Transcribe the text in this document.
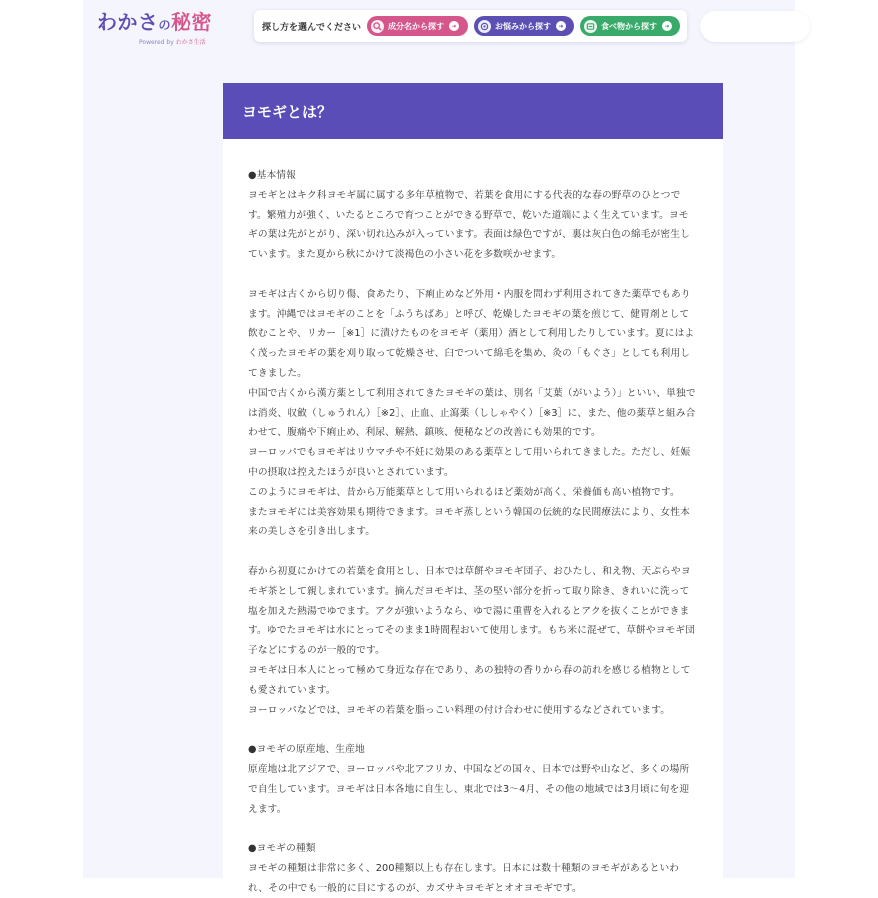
わかさの秘密
Powered by わかさ生活
探し方を選んでください	成分名から探す	➜	お悩みから探す	➜	食べ物から探す	➜
ヨモギとは？

●基本情報

ヨモギとはキク科ヨモギ属に属する多年草植物で、若葉を食用にする代表的な春の野草のひとつです。繁殖力が強く、いたるところで育つことができる野草で、乾いた道端によく生えています。ヨモギの葉は先がとがり、深い切れ込みが入っています。表面は緑色ですが、裏は灰白色の綿毛が密生しています。また夏から秋にかけて淡褐色の小さい花を多数咲かせます。

ヨモギは古くから切り傷、食あたり、下痢止めなど外用・内服を問わず利用されてきた薬草でもあります。沖縄ではヨモギのことを「ふうちばあ」と呼び、乾燥したヨモギの葉を煎じて、健胃剤として飲むことや、リカー［※1］に漬けたものをヨモギ（薬用）酒として利用したりしています。夏にはよく茂ったヨモギの葉を刈り取って乾燥させ、臼でついて綿毛を集め、灸の「もぐさ」としても利用してきました。

中国で古くから漢方薬として利用されてきたヨモギの葉は、別名「艾葉（がいよう）」といい、単独では消炎、収斂（しゅうれん）［※2］、止血、止瀉薬（ししゃやく）［※3］に、また、他の薬草と組み合わせて、腹痛や下痢止め、利尿、解熱、鎮咳、便秘などの改善にも効果的です。

ヨーロッパでもヨモギはリウマチや不妊に効果のある薬草として用いられてきました。ただし、妊娠中の摂取は控えたほうが良いとされています。

このようにヨモギは、昔から万能薬草として用いられるほど薬効が高く、栄養価も高い植物です。

またヨモギには美容効果も期待できます。ヨモギ蒸しという韓国の伝統的な民間療法により、女性本来の美しさを引き出します。

春から初夏にかけての若葉を食用とし、日本では草餅やヨモギ団子、おひたし、和え物、天ぷらやヨモギ茶として親しまれています。摘んだヨモギは、茎の堅い部分を折って取り除き、きれいに洗って塩を加えた熱湯でゆでます。アクが強いようなら、ゆで湯に重曹を入れるとアクを抜くことができます。ゆでたヨモギは水にとってそのまま1時間程おいて使用します。もち米に混ぜて、草餅やヨモギ団子などにするのが一般的です。

ヨモギは日本人にとって極めて身近な存在であり、あの独特の香りから春の訪れを感じる植物としても愛されています。

ヨーロッパなどでは、ヨモギの若葉を脂っこい料理の付け合わせに使用するなどされています。

●ヨモギの原産地、生産地

原産地は北アジアで、ヨーロッパや北アフリカ、中国などの国々、日本では野や山など、多くの場所で自生しています。ヨモギは日本各地に自生し、東北では3～4月、その他の地域では3月頃に旬を迎えます。

●ヨモギの種類

ヨモギの種類は非常に多く、200種類以上も存在します。日本には数十種類のヨモギがあるといわれ、その中でも一般的に目にするのが、カズサキヨモギとオオヨモギです。
